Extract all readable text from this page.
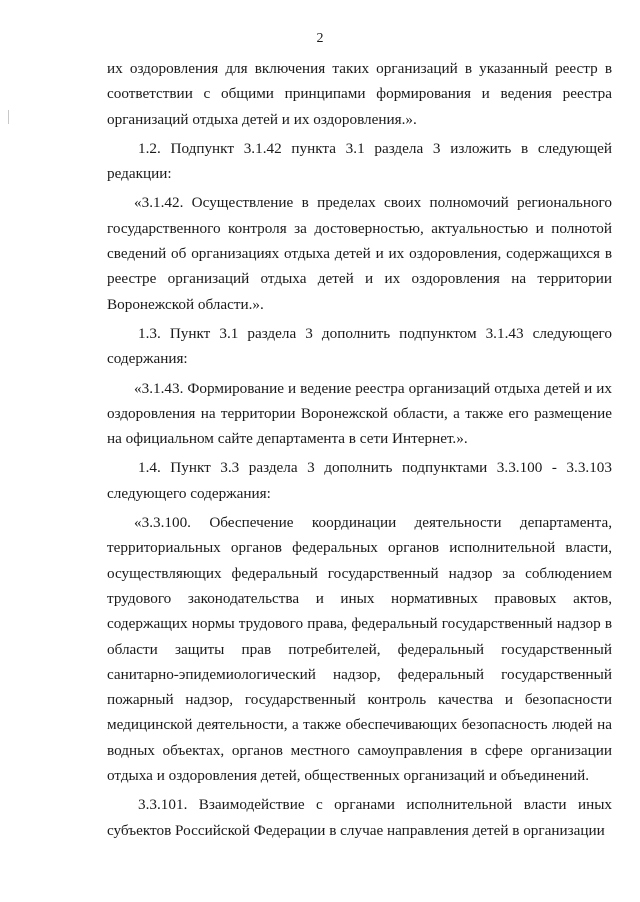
2

их оздоровления для включения таких организаций в указанный реестр в соответствии с общими принципами формирования и ведения реестра организаций отдыха детей и их оздоровления.».

1.2. Подпункт 3.1.42 пункта 3.1 раздела 3 изложить в следующей редакции:

«3.1.42. Осуществление в пределах своих полномочий регионального государственного контроля за достоверностью, актуальностью и полнотой сведений об организациях отдыха детей и их оздоровления, содержащихся в реестре организаций отдыха детей и их оздоровления на территории Воронежской области.».

1.3. Пункт 3.1 раздела 3 дополнить подпунктом 3.1.43 следующего содержания:

«3.1.43. Формирование и ведение реестра организаций отдыха детей и их оздоровления на территории Воронежской области, а также его размещение на официальном сайте департамента в сети Интернет.».

1.4. Пункт 3.3 раздела 3 дополнить подпунктами 3.3.100 - 3.3.103 следующего содержания:

«3.3.100. Обеспечение координации деятельности департамента, территориальных органов федеральных органов исполнительной власти, осуществляющих федеральный государственный надзор за соблюдением трудового законодательства и иных нормативных правовых актов, содержащих нормы трудового права, федеральный государственный надзор в области защиты прав потребителей, федеральный государственный санитарно-эпидемиологический надзор, федеральный государственный пожарный надзор, государственный контроль качества и безопасности медицинской деятельности, а также обеспечивающих безопасность людей на водных объектах, органов местного самоуправления в сфере организации отдыха и оздоровления детей, общественных организаций и объединений.

3.3.101. Взаимодействие с органами исполнительной власти иных субъектов Российской Федерации в случае направления детей в организации
